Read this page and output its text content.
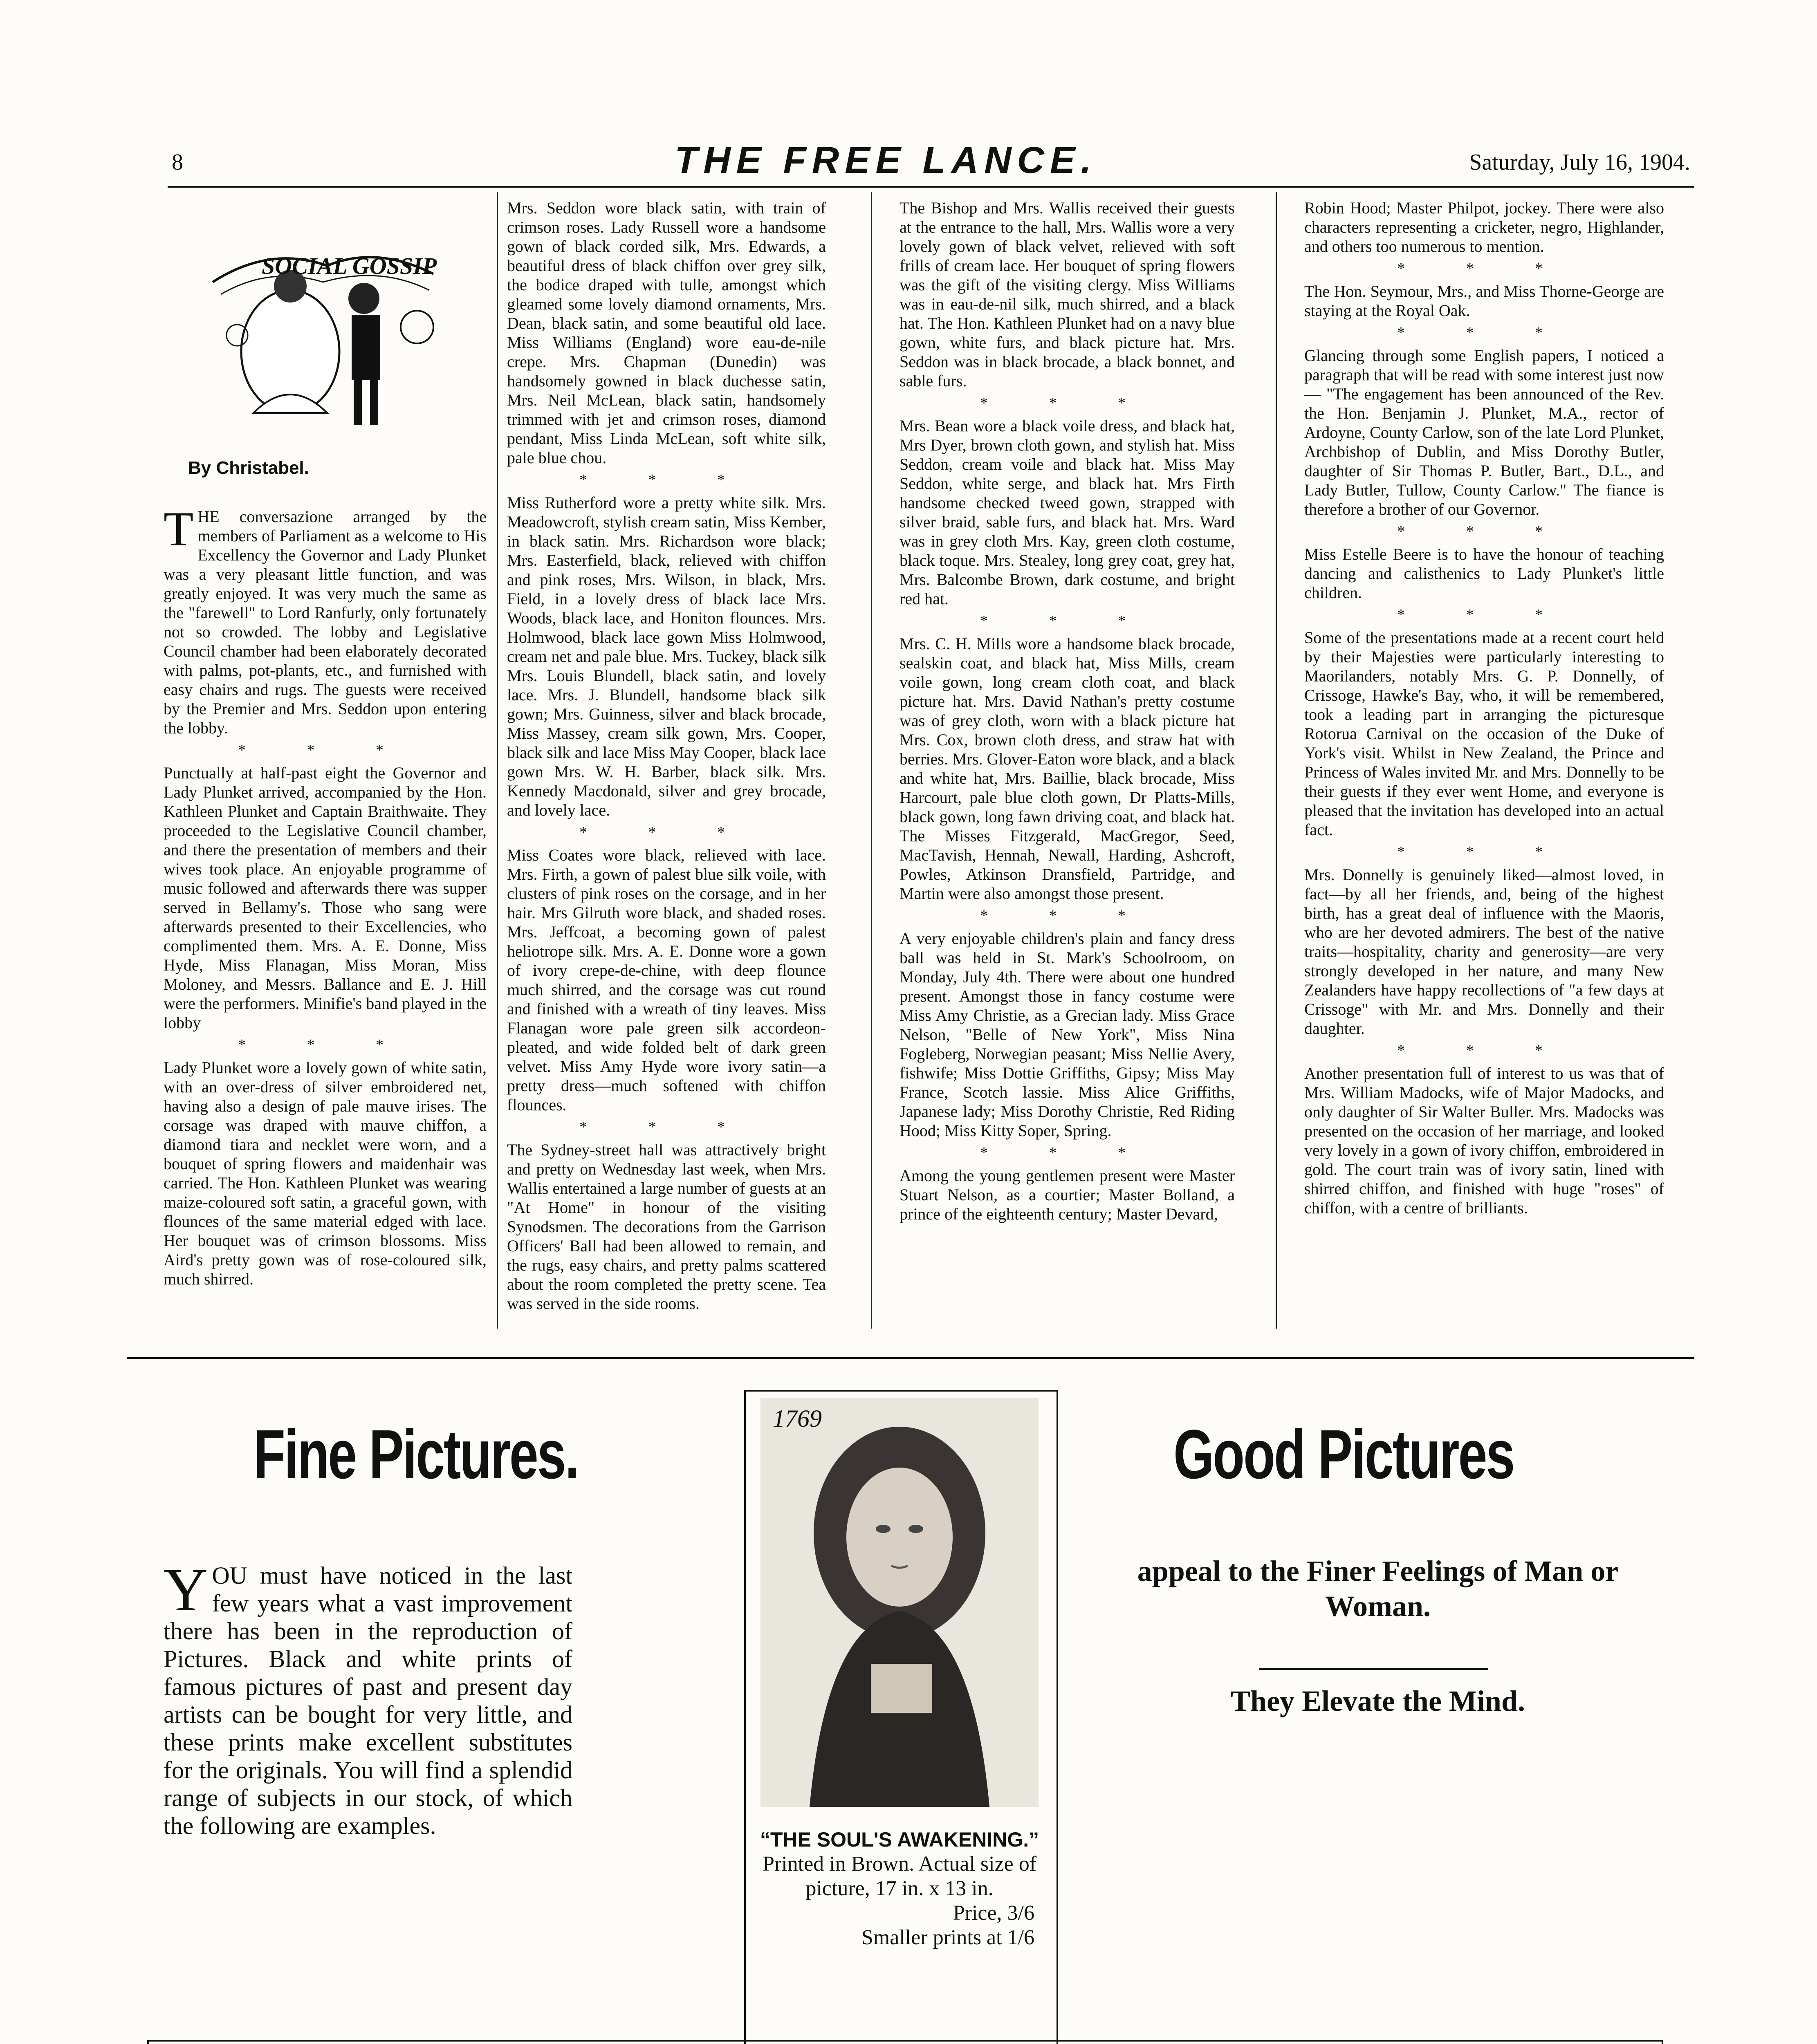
8	THE FREE LANCE.	Saturday, July 16, 1904.
SOCIAL GOSSIP
By Christabel.

THE conversazione arranged by the members of Parliament as a welcome to His Excellency the Governor and Lady Plunket was a very pleasant little function, and was greatly enjoyed. It was very much the same as the "farewell" to Lord Ranfurly, only fortunately not so crowded. The lobby and Legislative Council chamber had been elaborately decorated with palms, pot-plants, etc., and furnished with easy chairs and rugs. The guests were received by the Premier and Mrs. Seddon upon entering the lobby.

* * *

Punctually at half-past eight the Governor and Lady Plunket arrived, accompanied by the Hon. Kathleen Plunket and Captain Braithwaite. They proceeded to the Legislative Council chamber, and there the presentation of members and their wives took place. An enjoyable programme of music followed and afterwards there was supper served in Bellamy's. Those who sang were afterwards presented to their Excellencies, who complimented them. Mrs. A. E. Donne, Miss Hyde, Miss Flanagan, Miss Moran, Miss Moloney, and Messrs. Ballance and E. J. Hill were the performers. Minifie's band played in the lobby

* * *

Lady Plunket wore a lovely gown of white satin, with an over-dress of silver embroidered net, having also a design of pale mauve irises. The corsage was draped with mauve chiffon, a diamond tiara and necklet were worn, and a bouquet of spring flowers and maidenhair was carried. The Hon. Kathleen Plunket was wearing maize-coloured soft satin, a graceful gown, with flounces of the same material edged with lace. Her bouquet was of crimson blossoms. Miss Aird's pretty gown was of rose-coloured silk, much shirred.

Mrs. Seddon wore black satin, with train of crimson roses. Lady Russell wore a handsome gown of black corded silk, Mrs. Edwards, a beautiful dress of black chiffon over grey silk, the bodice draped with tulle, amongst which gleamed some lovely diamond ornaments, Mrs. Dean, black satin, and some beautiful old lace. Miss Williams (England) wore eau-de-nile crepe. Mrs. Chapman (Dunedin) was handsomely gowned in black duchesse satin, Mrs. Neil McLean, black satin, handsomely trimmed with jet and crimson roses, diamond pendant, Miss Linda McLean, soft white silk, pale blue chou.

* * *

Miss Rutherford wore a pretty white silk. Mrs. Meadowcroft, stylish cream satin, Miss Kember, in black satin. Mrs. Richardson wore black; Mrs. Easterfield, black, relieved with chiffon and pink roses, Mrs. Wilson, in black, Mrs. Field, in a lovely dress of black lace Mrs. Woods, black lace, and Honiton flounces. Mrs. Holmwood, black lace gown Miss Holmwood, cream net and pale blue. Mrs. Tuckey, black silk Mrs. Louis Blundell, black satin, and lovely lace. Mrs. J. Blundell, handsome black silk gown; Mrs. Guinness, silver and black brocade, Miss Massey, cream silk gown, Mrs. Cooper, black silk and lace Miss May Cooper, black lace gown Mrs. W. H. Barber, black silk. Mrs. Kennedy Macdonald, silver and grey brocade, and lovely lace.

* * *

Miss Coates wore black, relieved with lace. Mrs. Firth, a gown of palest blue silk voile, with clusters of pink roses on the corsage, and in her hair. Mrs Gilruth wore black, and shaded roses. Mrs. Jeffcoat, a becoming gown of palest heliotrope silk. Mrs. A. E. Donne wore a gown of ivory crepe-de-chine, with deep flounce much shirred, and the corsage was cut round and finished with a wreath of tiny leaves. Miss Flanagan wore pale green silk accordeon-pleated, and wide folded belt of dark green velvet. Miss Amy Hyde wore ivory satin—a pretty dress—much softened with chiffon flounces.

* * *

The Sydney-street hall was attractively bright and pretty on Wednesday last week, when Mrs. Wallis entertained a large number of guests at an "At Home" in honour of the visiting Synodsmen. The decorations from the Garrison Officers' Ball had been allowed to remain, and the rugs, easy chairs, and pretty palms scattered about the room completed the pretty scene. Tea was served in the side rooms.

The Bishop and Mrs. Wallis received their guests at the entrance to the hall, Mrs. Wallis wore a very lovely gown of black velvet, relieved with soft frills of cream lace. Her bouquet of spring flowers was the gift of the visiting clergy. Miss Williams was in eau-de-nil silk, much shirred, and a black hat. The Hon. Kathleen Plunket had on a navy blue gown, white furs, and black picture hat. Mrs. Seddon was in black brocade, a black bonnet, and sable furs.

* * *

Mrs. Bean wore a black voile dress, and black hat, Mrs Dyer, brown cloth gown, and stylish hat. Miss Seddon, cream voile and black hat. Miss May Seddon, white serge, and black hat. Mrs Firth handsome checked tweed gown, strapped with silver braid, sable furs, and black hat. Mrs. Ward was in grey cloth Mrs. Kay, green cloth costume, black toque. Mrs. Stealey, long grey coat, grey hat, Mrs. Balcombe Brown, dark costume, and bright red hat.

* * *

Mrs. C. H. Mills wore a handsome black brocade, sealskin coat, and black hat, Miss Mills, cream voile gown, long cream cloth coat, and black picture hat. Mrs. David Nathan's pretty costume was of grey cloth, worn with a black picture hat Mrs. Cox, brown cloth dress, and straw hat with berries. Mrs. Glover-Eaton wore black, and a black and white hat, Mrs. Baillie, black brocade, Miss Harcourt, pale blue cloth gown, Dr Platts-Mills, black gown, long fawn driving coat, and black hat. The Misses Fitzgerald, MacGregor, Seed, MacTavish, Hennah, Newall, Harding, Ashcroft, Powles, Atkinson Dransfield, Partridge, and Martin were also amongst those present.

* * *

A very enjoyable children's plain and fancy dress ball was held in St. Mark's Schoolroom, on Monday, July 4th. There were about one hundred present. Amongst those in fancy costume were Miss Amy Christie, as a Grecian lady. Miss Grace Nelson, "Belle of New York", Miss Nina Fogleberg, Norwegian peasant; Miss Nellie Avery, fishwife; Miss Dottie Griffiths, Gipsy; Miss May France, Scotch lassie. Miss Alice Griffiths, Japanese lady; Miss Dorothy Christie, Red Riding Hood; Miss Kitty Soper, Spring.

* * *

Among the young gentlemen present were Master Stuart Nelson, as a courtier; Master Bolland, a prince of the eighteenth century; Master Devard,

Robin Hood; Master Philpot, jockey. There were also characters representing a cricketer, negro, Highlander, and others too numerous to mention.

* * *

The Hon. Seymour, Mrs., and Miss Thorne-George are staying at the Royal Oak.

* * *

Glancing through some English papers, I noticed a paragraph that will be read with some interest just now — "The engagement has been announced of the Rev. the Hon. Benjamin J. Plunket, M.A., rector of Ardoyne, County Carlow, son of the late Lord Plunket, Archbishop of Dublin, and Miss Dorothy Butler, daughter of Sir Thomas P. Butler, Bart., D.L., and Lady Butler, Tullow, County Carlow." The fiance is therefore a brother of our Governor.

* * *

Miss Estelle Beere is to have the honour of teaching dancing and calisthenics to Lady Plunket's little children.

* * *

Some of the presentations made at a recent court held by their Majesties were particularly interesting to Maorilanders, notably Mrs. G. P. Donnelly, of Crissoge, Hawke's Bay, who, it will be remembered, took a leading part in arranging the picturesque Rotorua Carnival on the occasion of the Duke of York's visit. Whilst in New Zealand, the Prince and Princess of Wales invited Mr. and Mrs. Donnelly to be their guests if they ever went Home, and everyone is pleased that the invitation has developed into an actual fact.

* * *

Mrs. Donnelly is genuinely liked—almost loved, in fact—by all her friends, and, being of the highest birth, has a great deal of influence with the Maoris, who are her devoted admirers. The best of the native traits—hospitality, charity and generosity—are very strongly developed in her nature, and many New Zealanders have happy recollections of "a few days at Crissoge" with Mr. and Mrs. Donnelly and their daughter.

* * *

Another presentation full of interest to us was that of Mrs. William Madocks, wife of Major Madocks, and only daughter of Sir Walter Buller. Mrs. Madocks was presented on the occasion of her marriage, and looked very lovely in a gown of ivory chiffon, embroidered in gold. The court train was of ivory satin, lined with shirred chiffon, and finished with huge "roses" of chiffon, with a centre of brilliants.

Fine Pictures.
YOU must have noticed in the last few years what a vast improvement there has been in the reproduction of Pictures. Black and white prints of famous pictures of past and present day artists can be bought for very little, and these prints make excellent substitutes for the originals. You will find a splendid range of subjects in our stock, of which the following are examples.
1769
“THE SOUL'S AWAKENING.”
Printed in Brown. Actual size of
picture, 17 in. x 13 in.
Price, 3/6
Smaller prints at 1/6
Good Pictures
appeal to the Finer Feelings of Man or Woman.
They Elevate the Mind.
